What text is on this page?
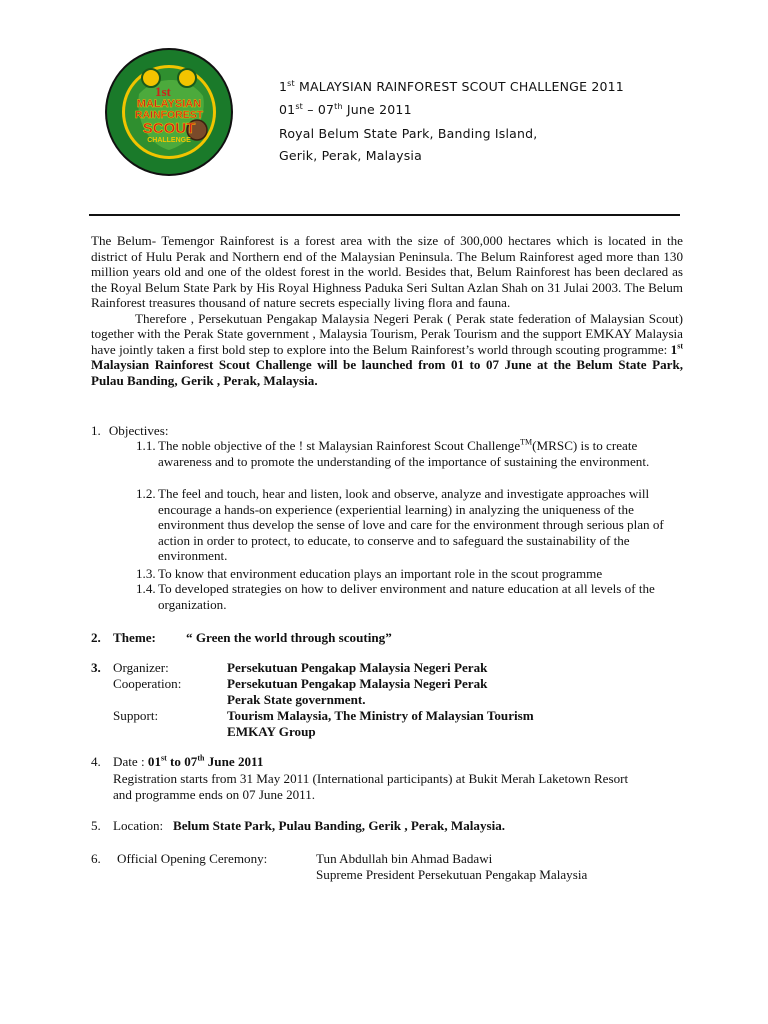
BELUM RAINFOREST RESORT, PERAK · 1 - 7 JUNE 2011
1st
MALAYSIAN
RAINFOREST
SCOUT
CHALLENGE
1st MALAYSIAN RAINFOREST SCOUT CHALLENGE 2011
01st – 07th June 2011
Royal Belum State Park, Banding Island,
Gerik, Perak, Malaysia

The Belum- Temengor Rainforest is a forest area with the size of 300,000 hectares which is located in the district of Hulu Perak and Northern end of the Malaysian Peninsula. The Belum Rainforest aged more than 130 million years old and one of the oldest forest in the world. Besides that, Belum Rainforest has been declared as the Royal Belum State Park by His Royal Highness Paduka Seri Sultan Azlan Shah on 31 Julai 2003. The Belum Rainforest treasures thousand of nature secrets especially living flora and fauna.

Therefore , Persekutuan Pengakap Malaysia Negeri Perak ( Perak state federation of Malaysian Scout) together with the Perak State government , Malaysia Tourism, Perak Tourism and the support EMKAY Malaysia have jointly taken a first bold step to explore into the Belum Rainforest’s world through scouting programme: 1st Malaysian Rainforest Scout Challenge will be launched from 01 to 07 June at the Belum State Park, Pulau Banding, Gerik , Perak, Malaysia.

1. Objectives:
1.1. The noble objective of the ! st Malaysian Rainforest Scout Challenge™(MRSC) is to create awareness and to promote the understanding of the importance of sustaining the environment.
1.2. The feel and touch, hear and listen, look and observe, analyze and investigate approaches will encourage a hands-on experience (experiential learning) in analyzing the uniqueness of the environment thus develop the sense of love and care for the environment through serious plan of action in order to protect, to educate, to conserve and to safeguard the sustainability of the environment.
1.3. To know that environment education plays an important role in the scout programme
1.4. To developed strategies on how to deliver environment and nature education at all levels of the organization.
2. Theme: “ Green the world through scouting”
3. Organizer:	Persekutuan Pengakap Malaysia Negeri Perak
Cooperation:	Persekutuan Pengakap Malaysia Negeri Perak
Perak State government.
Support:	Tourism Malaysia, The Ministry of Malaysian Tourism
EMKAY Group
4. Date : 01st to 07th June 2011
Registration starts from 31 May 2011 (International participants) at Bukit Merah Laketown Resort
and programme ends on 07 June 2011.
5. Location: Belum State Park, Pulau Banding, Gerik , Perak, Malaysia.
6. Official Opening Ceremony:	Tun Abdullah bin Ahmad Badawi
Supreme President Persekutuan Pengakap Malaysia
